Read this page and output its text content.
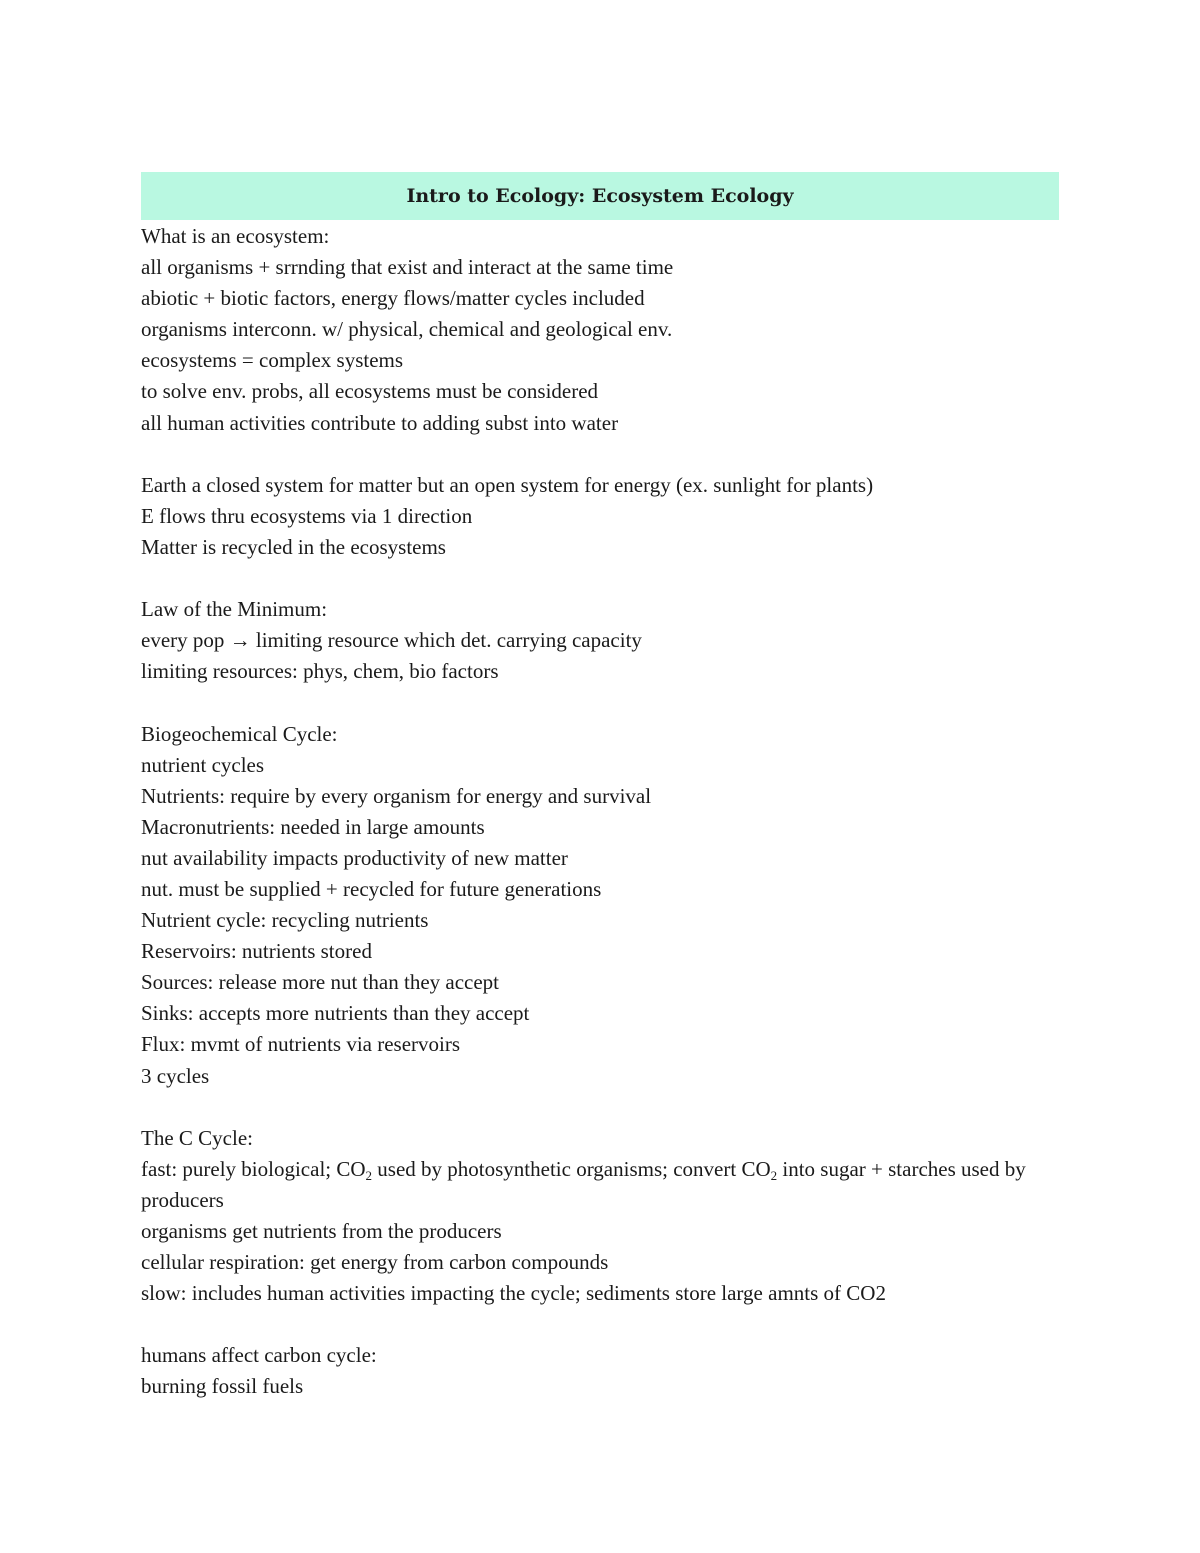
Intro to Ecology: Ecosystem Ecology
What is an ecosystem:
all organisms + srrnding that exist and interact at the same time
abiotic + biotic factors, energy flows/matter cycles included
organisms interconn. w/ physical, chemical and geological env.
ecosystems = complex systems
to solve env. probs, all ecosystems must be considered
all human activities contribute to adding subst into water
Earth a closed system for matter but an open system for energy (ex. sunlight for plants)
E flows thru ecosystems via 1 direction
Matter is recycled in the ecosystems
Law of the Minimum:
every pop → limiting resource which det. carrying capacity
limiting resources: phys, chem, bio factors
Biogeochemical Cycle:
nutrient cycles
Nutrients: require by every organism for energy and survival
Macronutrients: needed in large amounts
nut availability impacts productivity of new matter
nut. must be supplied + recycled for future generations
Nutrient cycle: recycling nutrients
Reservoirs: nutrients stored
Sources: release more nut than they accept
Sinks: accepts more nutrients than they accept
Flux: mvmt of nutrients via reservoirs
3 cycles
The C Cycle:
fast: purely biological; $CO_2$ used by photosynthetic organisms; convert $CO_2$ into sugar + starches used by producers
organisms get nutrients from the producers
cellular respiration: get energy from carbon compounds
slow: includes human activities impacting the cycle; sediments store large amnts of CO2
humans affect carbon cycle:
burning fossil fuels
